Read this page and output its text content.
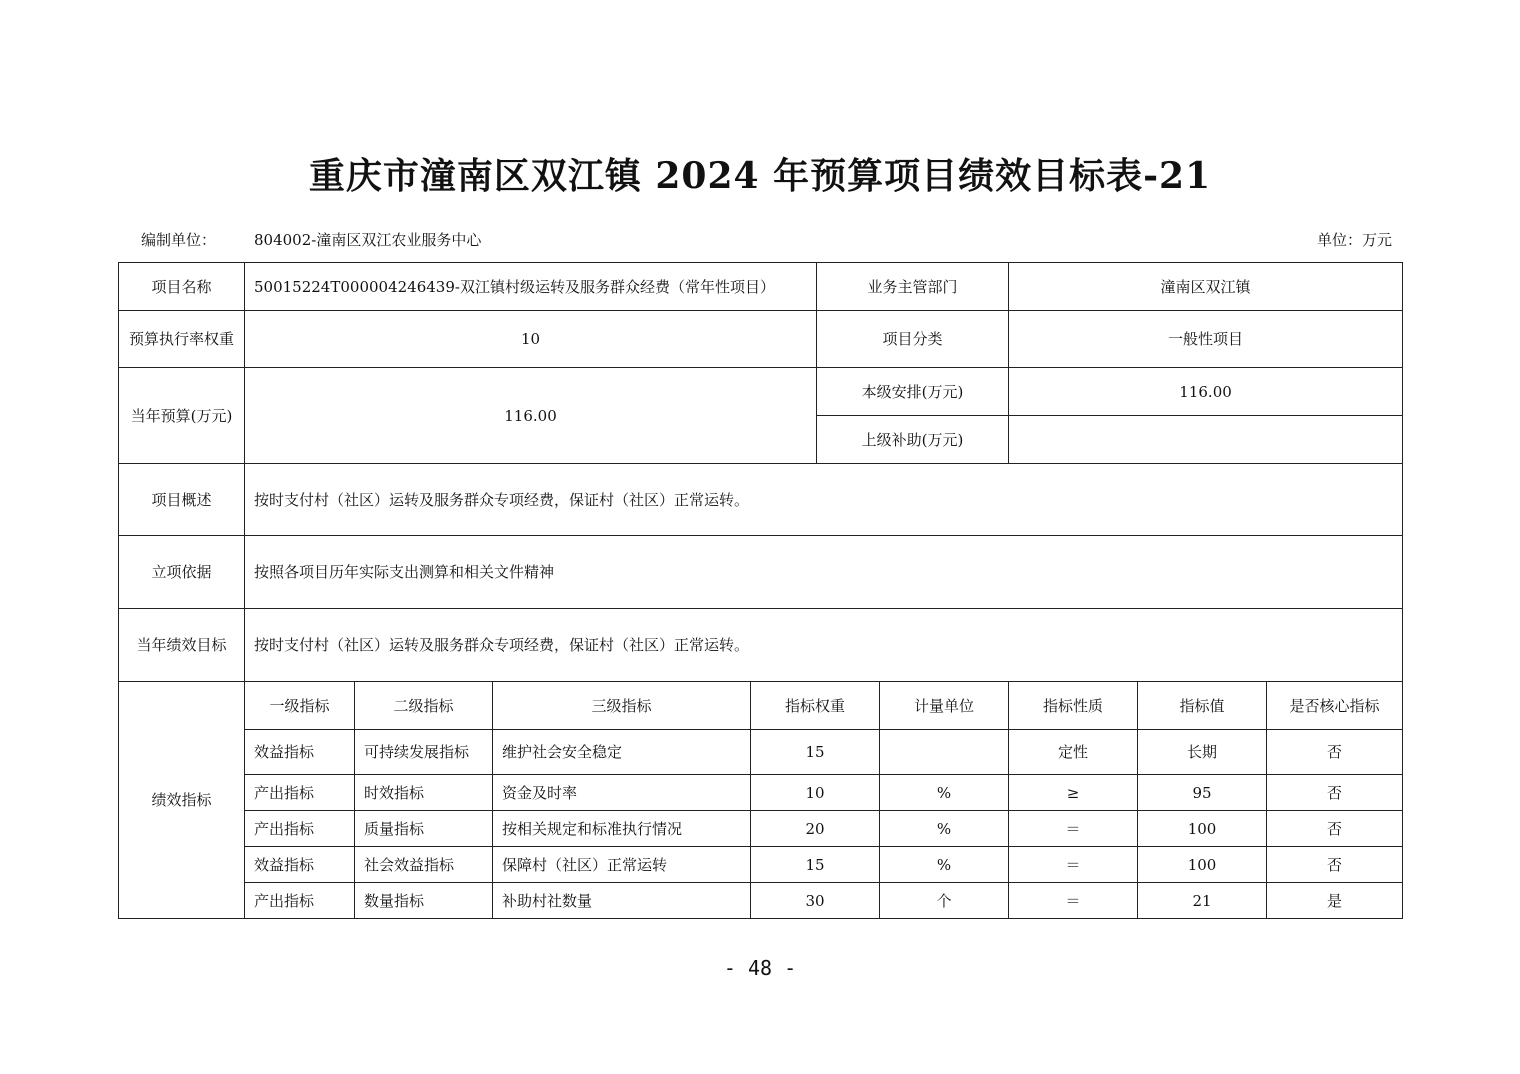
重庆市潼南区双江镇 2024 年预算项目绩效目标表-21
编制单位：	804002-潼南区双江农业服务中心	单位：万元
项目名称	50015224T000004246439-双江镇村级运转及服务群众经费（常年性项目）				业务主管部门		潼南区双江镇		
预算执行率权重	10				项目分类		一般性项目		
当年预算(万元)	116.00				本级安排(万元)		116.00		
					上级补助(万元)				
项目概述	按时支付村（社区）运转及服务群众专项经费，保证村（社区）正常运转。								
立项依据	按照各项目历年实际支出测算和相关文件精神								
当年绩效目标	按时支付村（社区）运转及服务群众专项经费，保证村（社区）正常运转。								
绩效指标	一级指标	二级指标	三级指标	指标权重		计量单位	指标性质	指标值	是否核心指标
	效益指标	可持续发展指标	维护社会安全稳定	15			定性	长期	否
	产出指标	时效指标	资金及时率	10		%	≥	95	否
	产出指标	质量指标	按相关规定和标准执行情况	20		%	＝	100	否
	效益指标	社会效益指标	保障村（社区）正常运转	15		%	＝	100	否
	产出指标	数量指标	补助村社数量	30		个	＝	21	是
- 48 -
